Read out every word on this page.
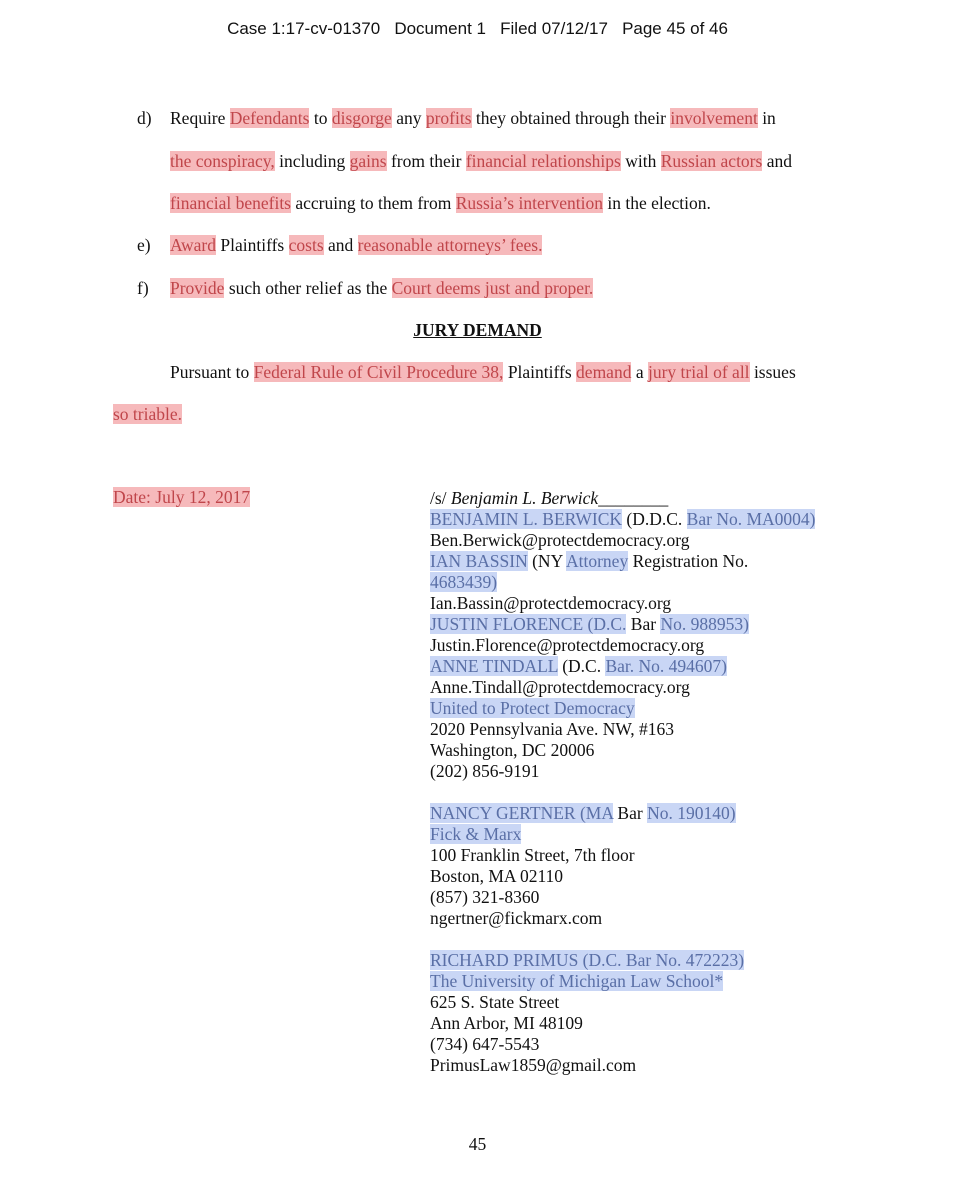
Case 1:17-cv-01370   Document 1   Filed 07/12/17   Page 45 of 46
d)
e)
f)
Require Defendants to disgorge any profits they obtained through their involvement in
the conspiracy, including gains from their financial relationships with Russian actors and
financial benefits accruing to them from Russia’s intervention in the election.
Award Plaintiffs costs and reasonable attorneys’ fees.
Provide such other relief as the Court deems just and proper.
JURY DEMAND
Pursuant to Federal Rule of Civil Procedure 38, Plaintiffs demand a jury trial of all issues
so triable.
Date: July 12, 2017	/s/ Benjamin L. Berwick________
BENJAMIN L. BERWICK (D.D.C. Bar No. MA0004)
Ben.Berwick@protectdemocracy.org
IAN BASSIN (NY Attorney Registration No.
4683439)
Ian.Bassin@protectdemocracy.org
JUSTIN FLORENCE (D.C. Bar No. 988953)
Justin.Florence@protectdemocracy.org
ANNE TINDALL (D.C. Bar. No. 494607)
Anne.Tindall@protectdemocracy.org
United to Protect Democracy
2020 Pennsylvania Ave. NW, #163
Washington, DC 20006
(202) 856-9191
NANCY GERTNER (MA Bar No. 190140)
Fick & Marx
100 Franklin Street, 7th floor
Boston, MA 02110
(857) 321-8360
ngertner@fickmarx.com
RICHARD PRIMUS (D.C. Bar No. 472223)
The University of Michigan Law School*
625 S. State Street
Ann Arbor, MI 48109
(734) 647-5543
PrimusLaw1859@gmail.com
45
